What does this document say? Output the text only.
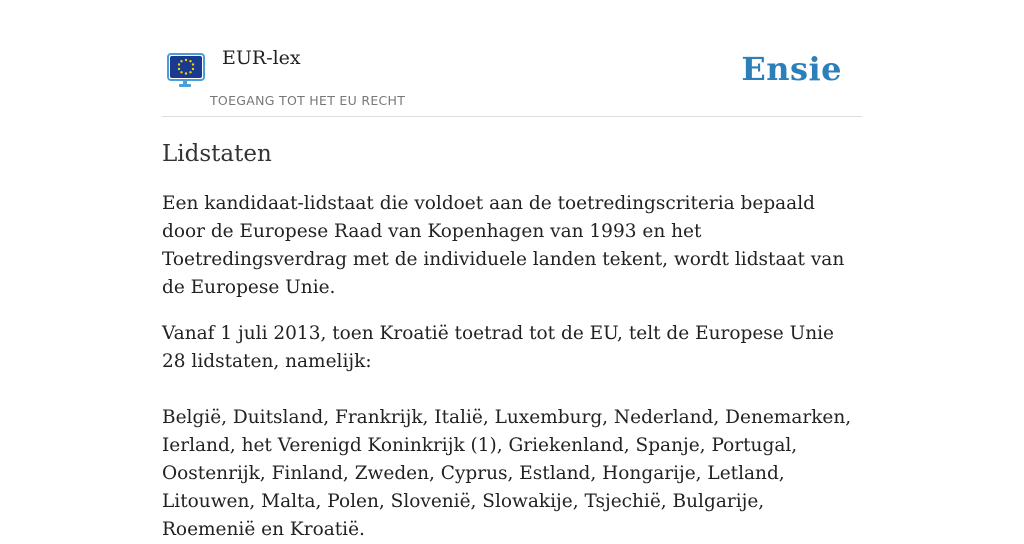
EUR-lex
TOEGANG TOT HET EU RECHT
Ensie
Lidstaten

Een kandidaat-lidstaat die voldoet aan de toetredingscriteria bepaald door de Europese Raad van Kopenhagen van 1993 en het Toetredingsverdrag met de individuele landen tekent, wordt lidstaat van de Europese Unie.

Vanaf 1 juli 2013, toen Kroatië toetrad tot de EU, telt de Europese Unie 28 lidstaten, namelijk:

België, Duitsland, Frankrijk, Italië, Luxemburg, Nederland, Denemarken, Ierland, het Verenigd Koninkrijk (1), Griekenland, Spanje, Portugal, Oostenrijk, Finland, Zweden, Cyprus, Estland, Hongarije, Letland, Litouwen, Malta, Polen, Slovenië, Slowakije, Tsjechië, Bulgarije, Roemenië en Kroatië.
